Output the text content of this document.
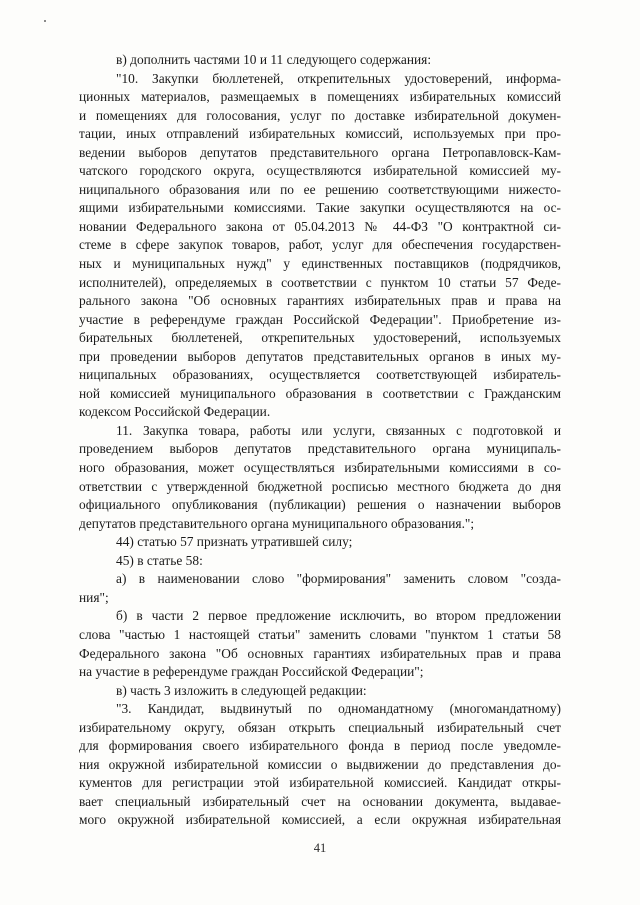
в) дополнить частями 10 и 11 следующего содержания:
"10. Закупки бюллетеней, открепительных удостоверений, информа-
ционных материалов, размещаемых в помещениях избирательных комиссий
и помещениях для голосования, услуг по доставке избирательной докумен-
тации, иных отправлений избирательных комиссий, используемых при про-
ведении выборов депутатов представительного органа Петропавловск-Кам-
чатского городского округа, осуществляются избирательной комиссией му-
ниципального образования или по ее решению соответствующими нижесто-
ящими избирательными комиссиями. Такие закупки осуществляются на ос-
новании Федерального закона от 05.04.2013 № 44-ФЗ "О контрактной си-
стеме в сфере закупок товаров, работ, услуг для обеспечения государствен-
ных и муниципальных нужд" у единственных поставщиков (подрядчиков,
исполнителей), определяемых в соответствии с пунктом 10 статьи 57 Феде-
рального закона "Об основных гарантиях избирательных прав и права на
участие в референдуме граждан Российской Федерации". Приобретение из-
бирательных бюллетеней, открепительных удостоверений, используемых
при проведении выборов депутатов представительных органов в иных му-
ниципальных образованиях, осуществляется соответствующей избиратель-
ной комиссией муниципального образования в соответствии с Гражданским
кодексом Российской Федерации.
11. Закупка товара, работы или услуги, связанных с подготовкой и
проведением выборов депутатов представительного органа муниципаль-
ного образования, может осуществляться избирательными комиссиями в со-
ответствии с утвержденной бюджетной росписью местного бюджета до дня
официального опубликования (публикации) решения о назначении выборов
депутатов представительного органа муниципального образования.";
44) статью 57 признать утратившей силу;
45) в статье 58:
а) в наименовании слово "формирования" заменить словом "созда-
ния";
б) в части 2 первое предложение исключить, во втором предложении
слова "частью 1 настоящей статьи" заменить словами "пунктом 1 статьи 58
Федерального закона "Об основных гарантиях избирательных прав и права
на участие в референдуме граждан Российской Федерации";
в) часть 3 изложить в следующей редакции:
"3. Кандидат, выдвинутый по одномандатному (многомандатному)
избирательному округу, обязан открыть специальный избирательный счет
для формирования своего избирательного фонда в период после уведомле-
ния окружной избирательной комиссии о выдвижении до представления до-
кументов для регистрации этой избирательной комиссией. Кандидат откры-
вает специальный избирательный счет на основании документа, выдавае-
мого окружной избирательной комиссией, а если окружная избирательная
41
